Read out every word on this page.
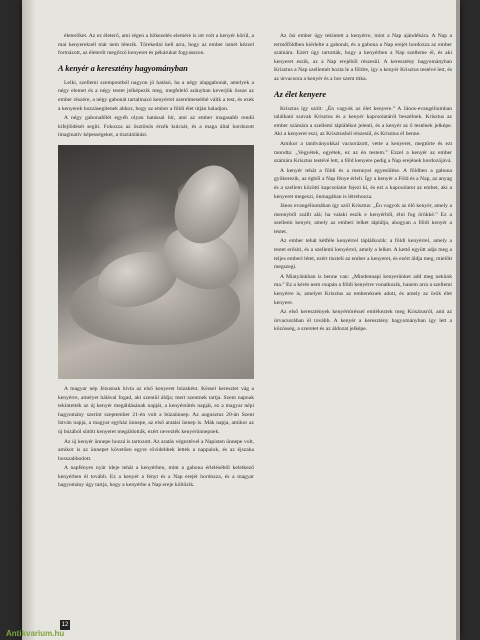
életerőket. Az ez életerő, ami régen a hőkezelés elemére is ott volt a kenyér körül, a mai kenyereknél már nem létezik. Törekedni kell arra, hogy az ember ismét kézzel formázott, az életerőt megőrző kenyeret és pékárukat fogyasszon.

A kenyér a keresztény hagyományban

Lelki, szellemi szempontból nagyon jó hatású, ha a négy alapgabonát, amelyek a négy elemet és a négy testet jelképezik meg, megfelelő arányban keverjük össze az ember részére, a négy gabonát tartalmazó kenyérrel szerelmesebbé válik a test, és ezek a kenyerek hozzásegítenek ahhoz, hogy az ember a földi élet útján haladjon.

A négy gabonafélét egyéb olyan hatással bír, ami az ember magasabb rendű kifejlődését segíti. Fokozza az ösztönös érzék kulcsát, és a maga által hordozott imaginatív képességeket, a tisztánlátást.

A magyar nép Jézusnak hívta az első kenyeret búzaként. Késsel keresztet vág a kenyérre, amelyet hálával fogad, aki szentül áldja; mert szentnek tartja. Szent napnak tekintették az új kenyér megáldásának napját, a kenyérsütés napját, ez a magyar népi hagyomány szerint szeptember 21-én volt a búzaünnep. Az augusztus 20-án Szent István napja, a magyar egyház ünnepe, az első aratási ünnep is. Mák napja, amikor az új búzából sütött kenyeret megáldották, ezért nevezték kenyérünnepnek.

Az új kenyér ünnepe hozzá is tartozott. Az aratás végeztével a Napisten ünnepe volt, amikor is az ünnepet követően egyre rövidebbek lettek a nappalok, és az éjszaka hosszabbodott.

A napfényes nyár ideje tehát a kenyérben, mint a gabona érleléséből keletkező kenyérben él tovább. Ez a kenyér a fényt és a Nap erejét hordozza, és a magyar hagyomány úgy tartja, hogy a kenyérbe a Nap ereje költözik.

Az ősi ember úgy tekintett a kenyérre, mint a Nap ajándékára. A Nap a termőföldben kiérlelte a gabonát, és a gabona a Nap erejét hordozza az ember számára. Ezért úgy tartották, hogy a kenyérben a Nap szelleme él, és aki kenyeret eszik, az a Nap erejéből részesül. A keresztény hagyományban Krisztus a Nap szellemét hozta le a földre, így a kenyér Krisztus testévé lett, és az úrvacsora a kenyér és a bor szent titka.

Az élet kenyere

Krisztus így szólt: „Én vagyok az élet kenyere.” A János-evangéliumban található szavak Krisztus és a kenyér kapcsolatáról beszélnek. Krisztus az ember számára a szellemi táplálékot jelenti, és a kenyér az ő testének jelképe. Aki a kenyeret eszi, az Krisztusból részesül, és Krisztus él benne.

Amikor a tanítványokkal vacsorázott, vette a kenyeret, megtörte és ezt mondta: „Vegyétek, egyétek, ez az én testem.” Ezzel a kenyér az ember számára Krisztus testévé lett, a föld kenyere pedig a Nap erejének hordozójává.

A kenyér tehát a földi és a mennyei egyesülése. A földben a gabona gyökerezik, az égből a Nap fénye érleli. Így a kenyér a Föld és a Nap, az anyag és a szellem közötti kapcsolatot fejezi ki, és ezt a kapcsolatot az ember, aki a kenyeret megeszi, önmagában is létrehozza.

János evangéliumában így szól Krisztus: „Én vagyok az élő kenyér, amely a mennyből szállt alá; ha valaki eszik e kenyérből, élni fog örökké.” Ez a szellemi kenyér, amely az emberi lelket táplálja, ahogyan a földi kenyér a testet.

Az ember tehát kétféle kenyérrel táplálkozik: a földi kenyérrel, amely a testet erősíti, és a szellemi kenyérrel, amely a lelket. A kettő együtt adja meg a teljes emberi létet, ezért tiszteli az ember a kenyeret, és ezért áldja meg, mielőtt megszegi.

A Miatyánkban is benne van: „Mindennapi kenyerünket add meg nekünk ma.” Ez a kérés nem csupán a földi kenyérre vonatkozik, hanem arra a szellemi kenyérre is, amelyet Krisztus az embereknek adott, és amely az örök élet kenyere.

Az első keresztények kenyértöréssel emlékeztek meg Krisztusról, ami az úrvacsorában él tovább. A kenyér a keresztény hagyományban így lett a közösség, a szeretet és az áldozat jelképe.

12
Antikvarium.hu
